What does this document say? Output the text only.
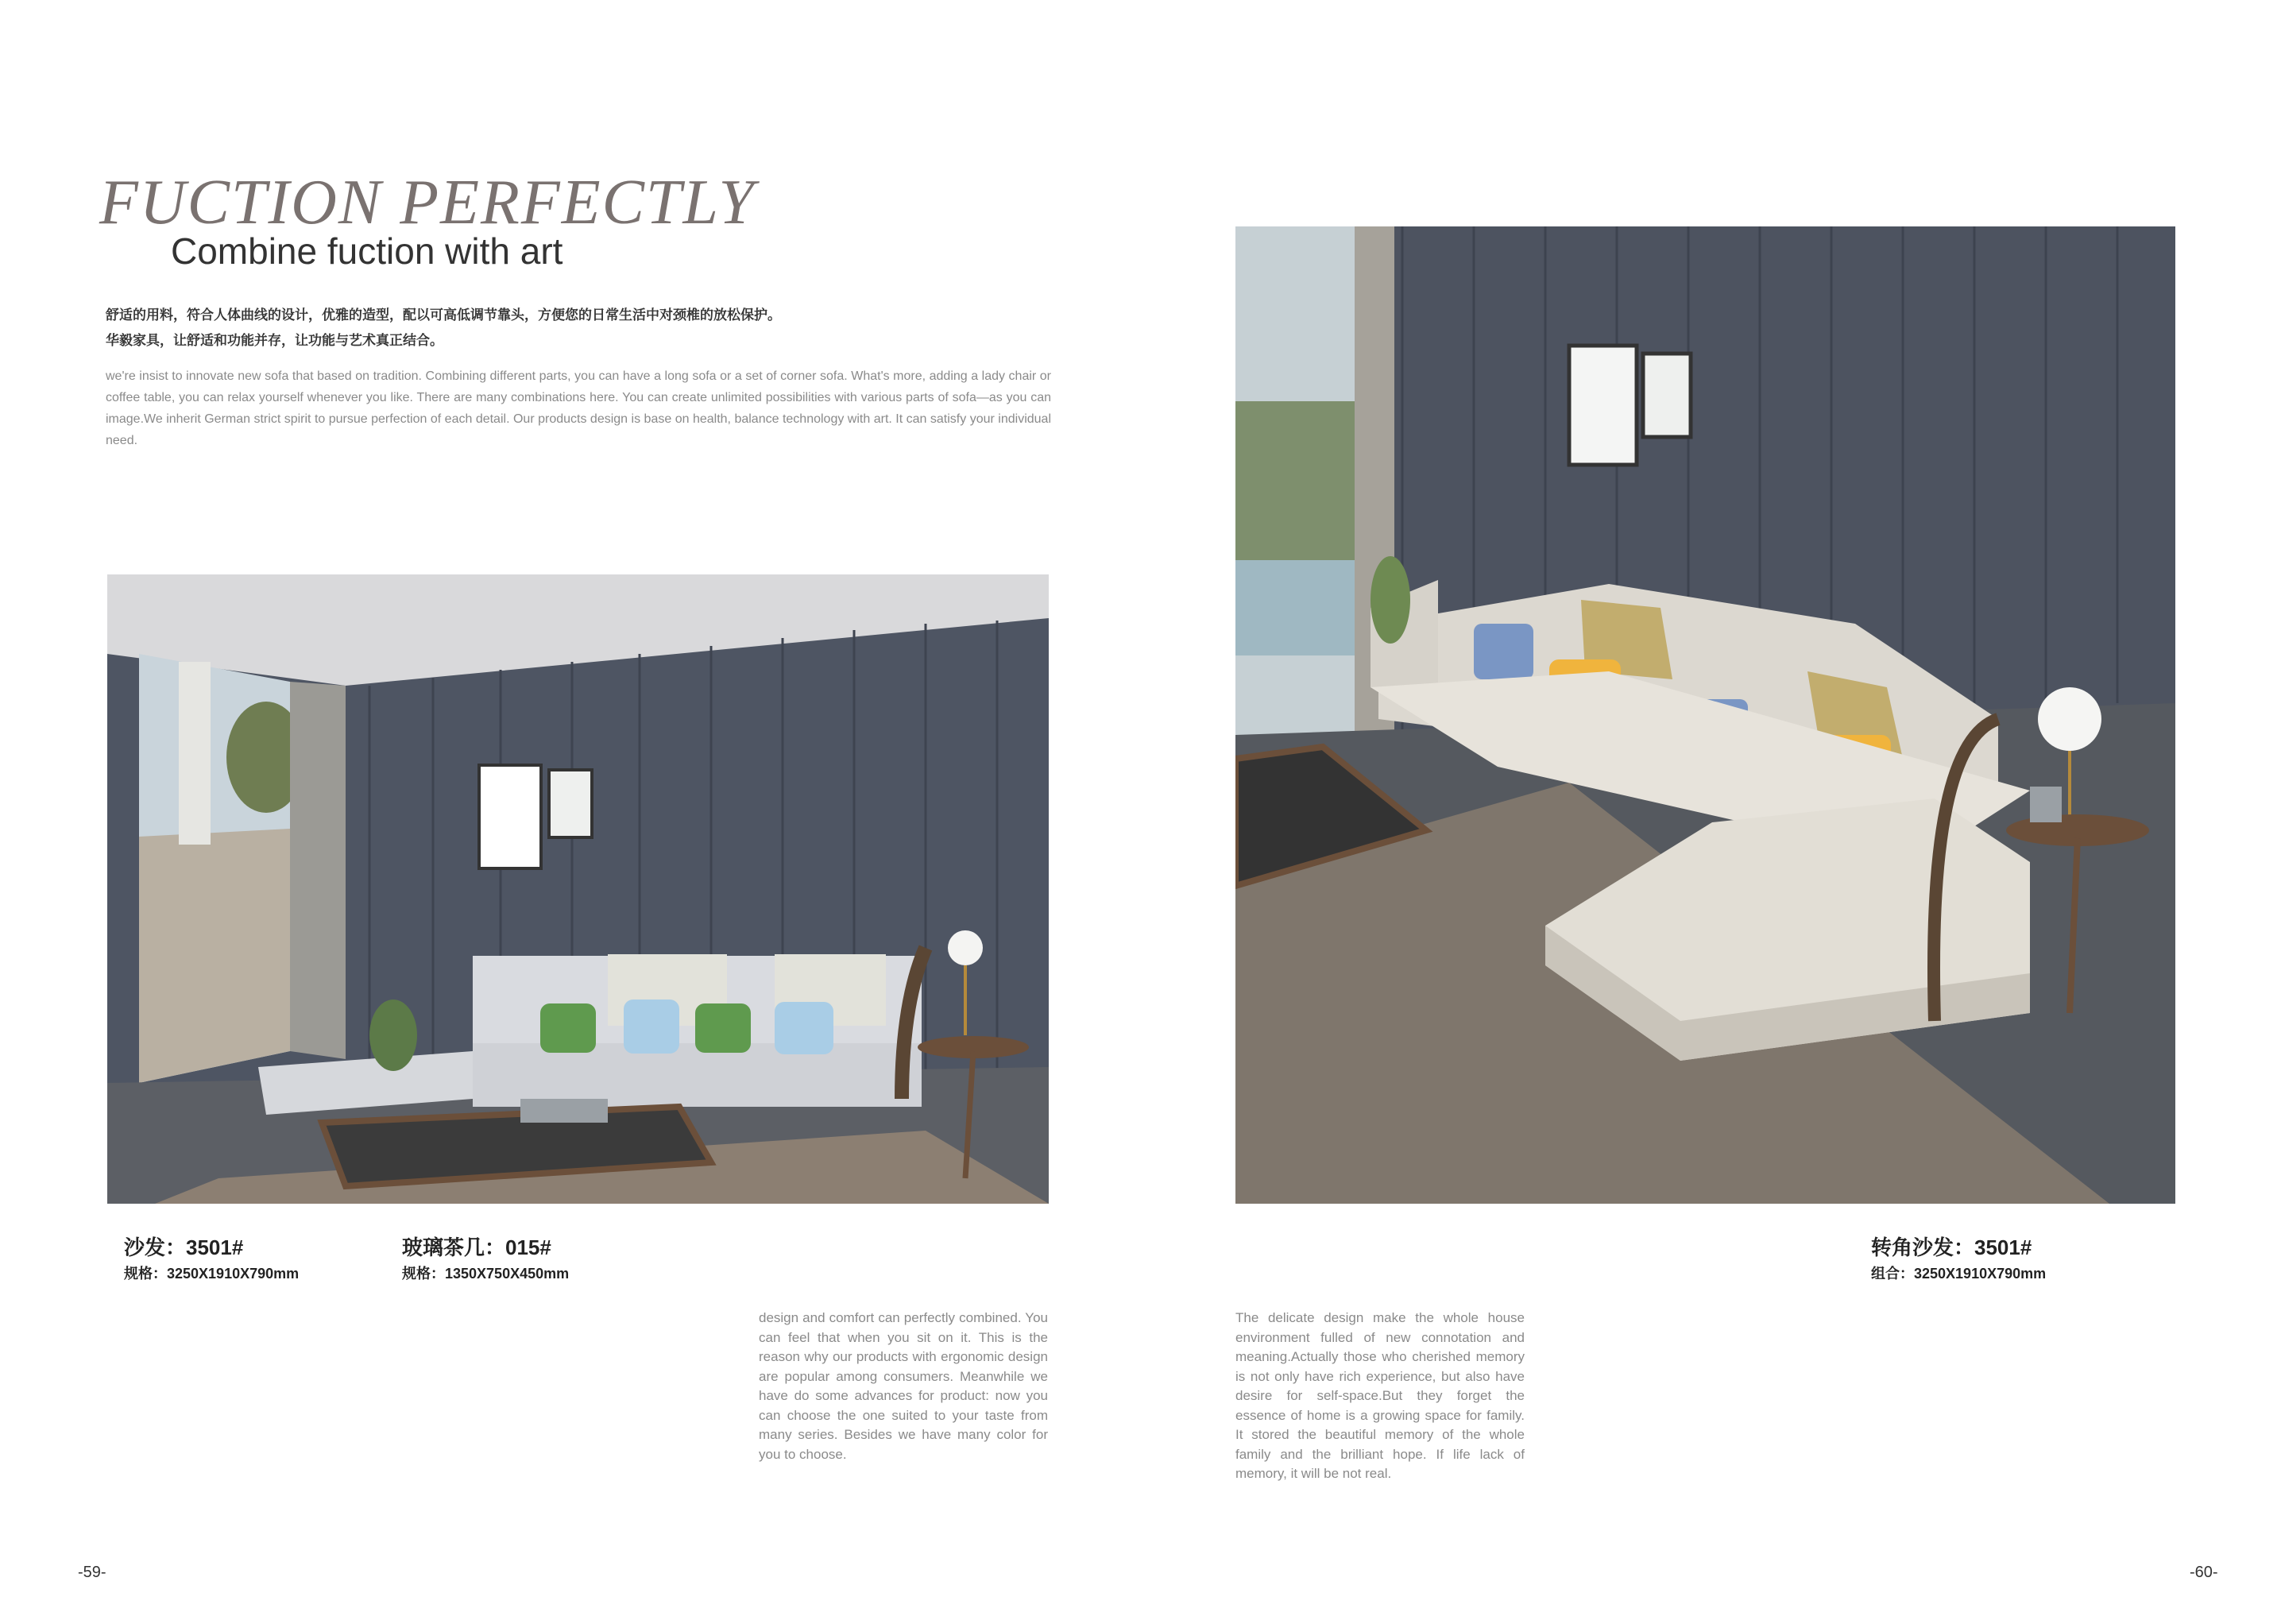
FUCTION PERFECTLY
Combine fuction with art
舒适的用料，符合人体曲线的设计，优雅的造型，配以可高低调节靠头，方便您的日常生活中对颈椎的放松保护。
华毅家具，让舒适和功能并存，让功能与艺术真正结合。
we're insist to innovate new sofa that based on tradition. Combining different parts, you can have a long sofa or a set of corner sofa. What's more, adding a lady chair or coffee table, you can relax yourself whenever you like. There are many combinations here. You can create unlimited possibilities with various parts of sofa—as you can image.We inherit German strict spirit to pursue perfection of each detail. Our products design is base on health, balance technology with art. It can satisfy your individual need.
沙发：3501#
规格：3250X1910X790mm
玻璃茶几：015#
规格：1350X750X450mm
转角沙发：3501#
组合：3250X1910X790mm
design and comfort can perfectly combined. You can feel that when you sit on it. This is the reason why our products with ergonomic design are popular among consumers. Meanwhile we have do some advances for product: now you can choose the one suited to your taste from many series. Besides we have many color for you to choose.
The delicate design make the whole house environment fulled of new connotation and meaning.Actually those who cherished memory is not only have rich experience, but also have desire for self-space.But they forget the essence of home is a growing space for family. It stored the beautiful memory of the whole family and the brilliant hope. If life lack of memory, it will be not real.
-59-	-60-
